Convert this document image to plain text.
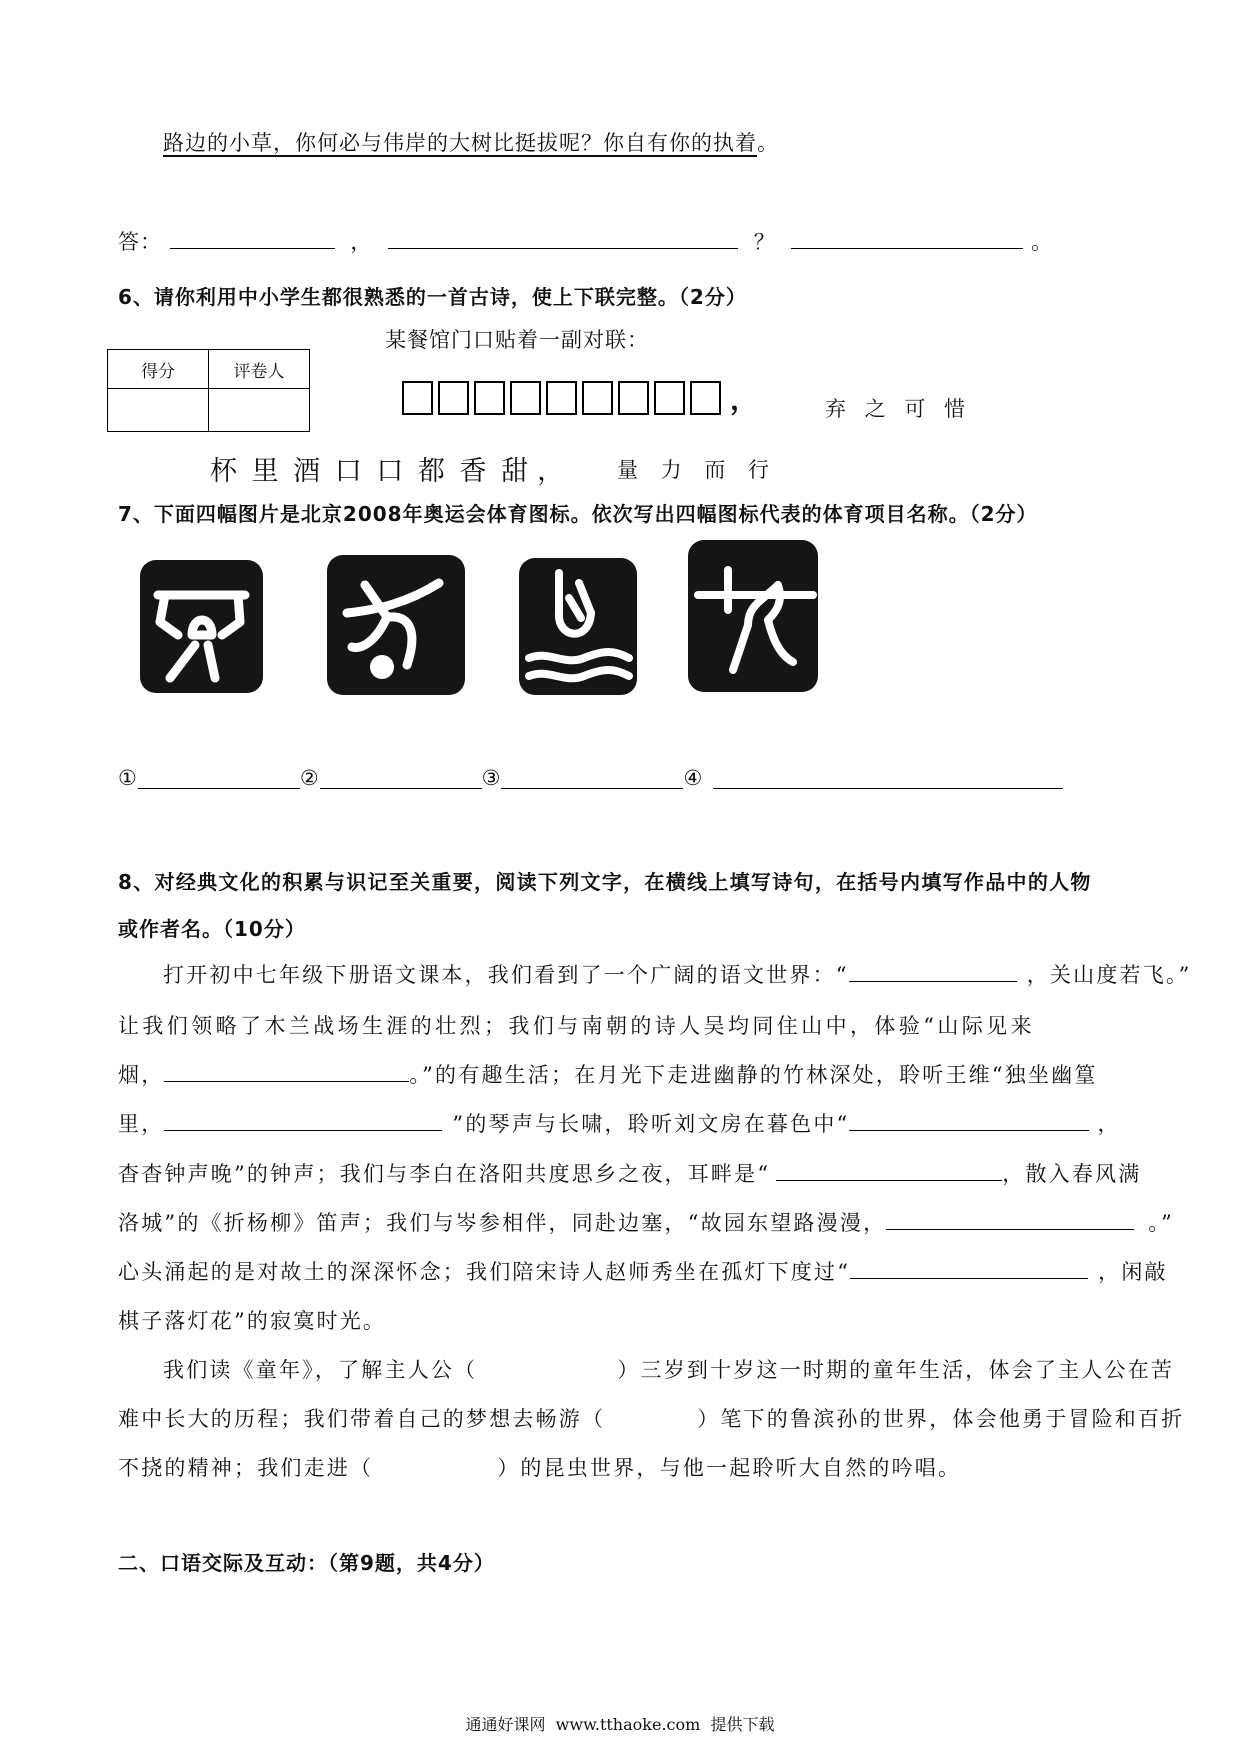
路边的小草，你何必与伟岸的大树比挺拔呢？你自有你的执着。
答：	，	？	。
6、请你利用中小学生都很熟悉的一首古诗，使上下联完整。（2分）
得分	评卷人

某餐馆门口贴着一副对联：
，	弃 之 可 惜
杯 里 酒 口 口 都 香 甜 ， 量 力 而 行
7、下面四幅图片是北京2008年奥运会体育图标。依次写出四幅图标代表的体育项目名称。（2分）
①	②	③	④
8、对经典文化的积累与识记至关重要，阅读下列文字，在横线上填写诗句，在括号内填写作品中的人物
或作者名。（10分）
打开初中七年级下册语文课本，我们看到了一个广阔的语文世界：“	，关山度若飞。”
让我们领略了木兰战场生涯的壮烈；我们与南朝的诗人吴均同住山中，体验“山际见来
烟，	。”的有趣生活；在月光下走进幽静的竹林深处，聆听王维“独坐幽篁
里，	”的琴声与长啸，聆听刘文房在暮色中“	，
杳杳钟声晚”的钟声；我们与李白在洛阳共度思乡之夜，耳畔是“	，散入春风满
洛城”的《折杨柳》笛声；我们与岑参相伴，同赴边塞，“故园东望路漫漫，	。”
心头涌起的是对故土的深深怀念；我们陪宋诗人赵师秀坐在孤灯下度过“	，闲敲
棋子落灯花”的寂寞时光。
我们读《童年》，了解主人公（	）三岁到十岁这一时期的童年生活，体会了主人公在苦
难中长大的历程；我们带着自己的梦想去畅游（	）笔下的鲁滨孙的世界，体会他勇于冒险和百折
不挠的精神；我们走进（	）的昆虫世界，与他一起聆听大自然的吟唱。
二、口语交际及互动：（第9题，共4分）
通通好课网  www.tthaoke.com  提供下载
